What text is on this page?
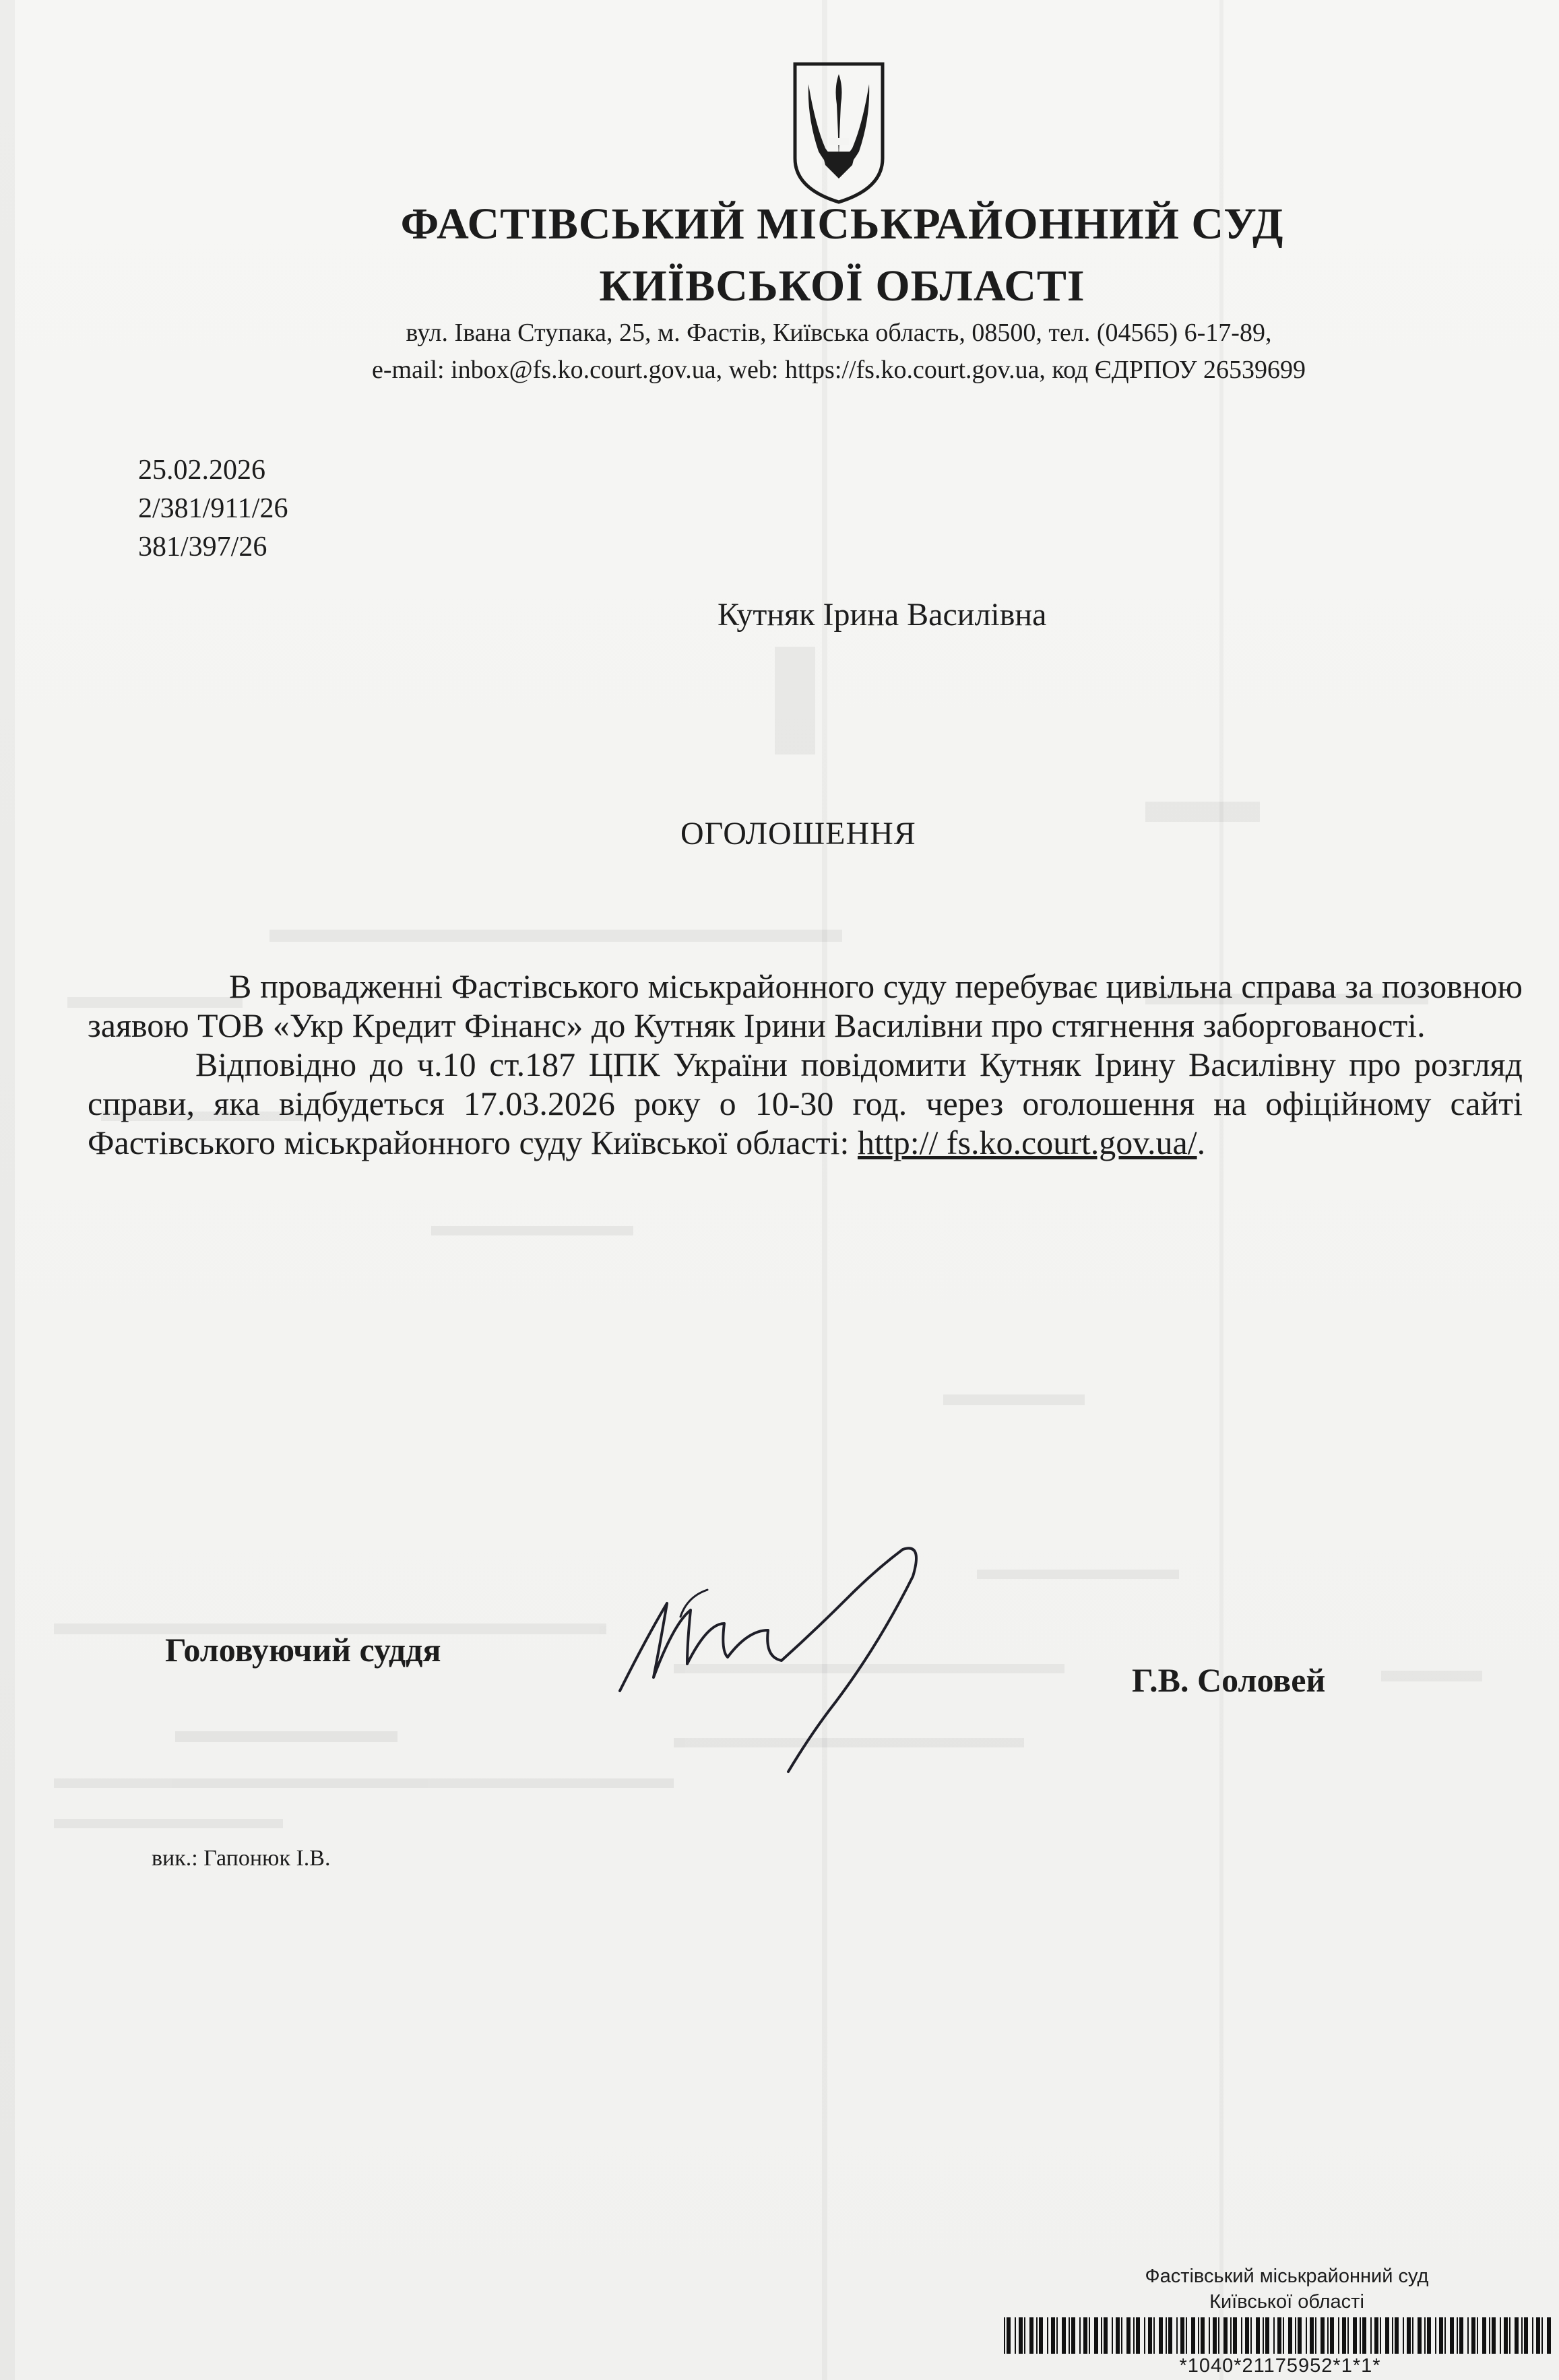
ФАСТІВСЬКИЙ МІСЬКРАЙОННИЙ СУД
КИЇВСЬКОЇ ОБЛАСТІ
вул. Івана Ступака, 25, м. Фастів, Київська область, 08500, тел. (04565) 6-17-89,
e-mail: inbox@fs.ko.court.gov.ua, web: https://fs.ko.court.gov.ua, код ЄДРПОУ 26539699
25.02.2026
2/381/911/26
381/397/26
Кутняк Ірина Василівна
ОГОЛОШЕННЯ

В провадженні Фастівського міськрайонного суду перебуває цивільна справа за позовною заявою ТОВ «Укр Кредит Фінанс» до Кутняк Ірини Василівни про стягнення заборгованості.

Відповідно до ч.10 ст.187 ЦПК України повідомити Кутняк Ірину Василівну про розгляд справи, яка відбудеться 17.03.2026 року о 10-30 год. через оголошення на офіційному сайті Фастівського міськрайонного суду Київської області: http:// fs.ko.court.gov.ua/.

Головуючий суддя
Г.В. Соловей
вик.: Гапонюк І.В.
Фастівський міськрайонний суд
Київської області
*1040*21175952*1*1*
